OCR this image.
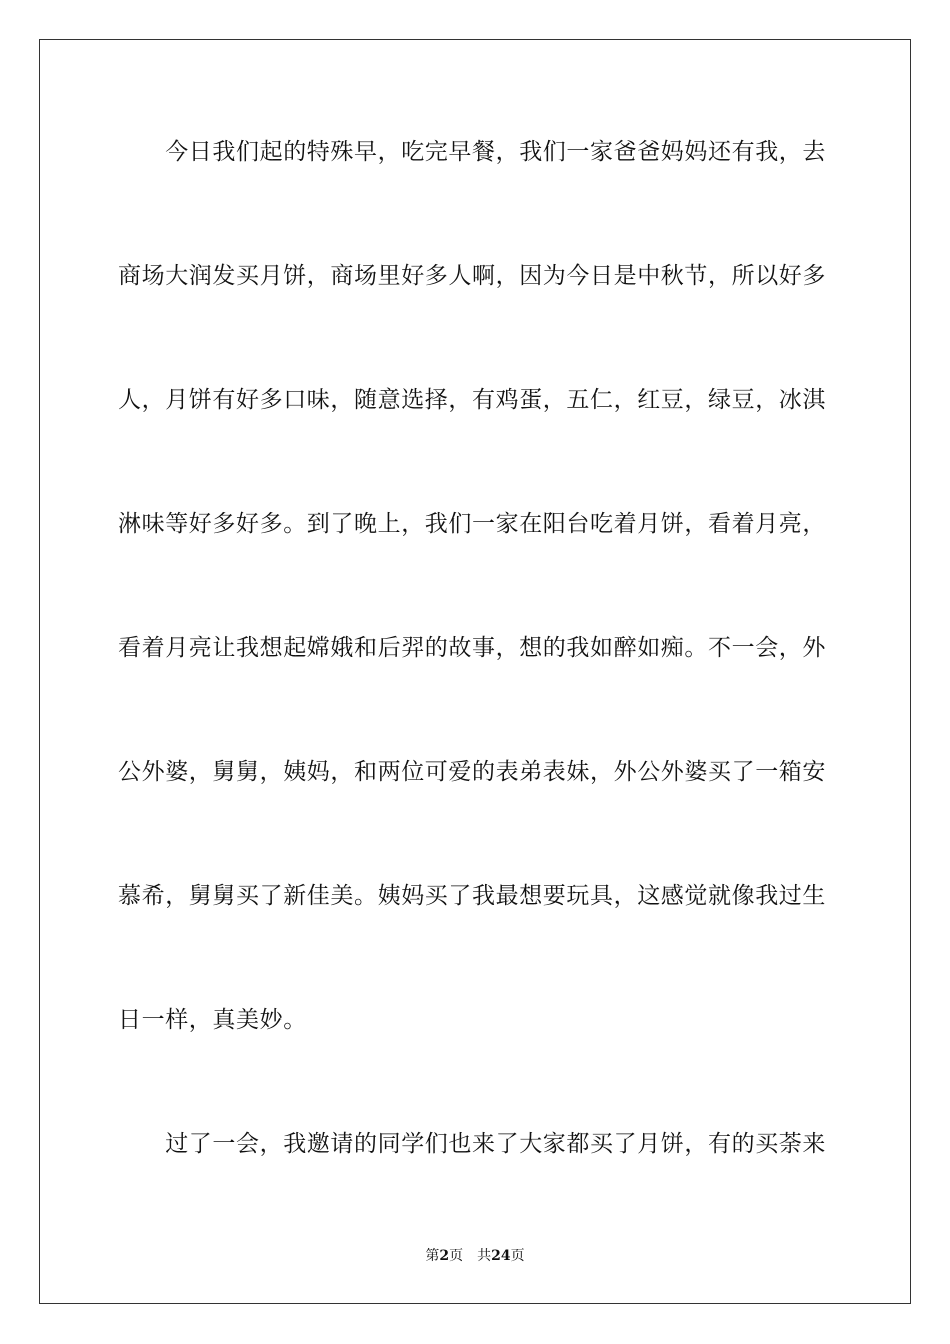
　　今日我们起的特殊早，吃完早餐，我们一家爸爸妈妈还有我，去
商场大润发买月饼，商场里好多人啊，因为今日是中秋节，所以好多
人，月饼有好多口味，随意选择，有鸡蛋，五仁，红豆，绿豆，冰淇
淋味等好多好多。到了晚上，我们一家在阳台吃着月饼，看着月亮，
看着月亮让我想起嫦娥和后羿的故事，想的我如醉如痴。不一会，外
公外婆，舅舅，姨妈，和两位可爱的表弟表妹，外公外婆买了一箱安
慕希，舅舅买了新佳美。姨妈买了我最想要玩具，这感觉就像我过生
日一样，真美妙。
　　过了一会，我邀请的同学们也来了大家都买了月饼，有的买荼来
第2页 共24页
